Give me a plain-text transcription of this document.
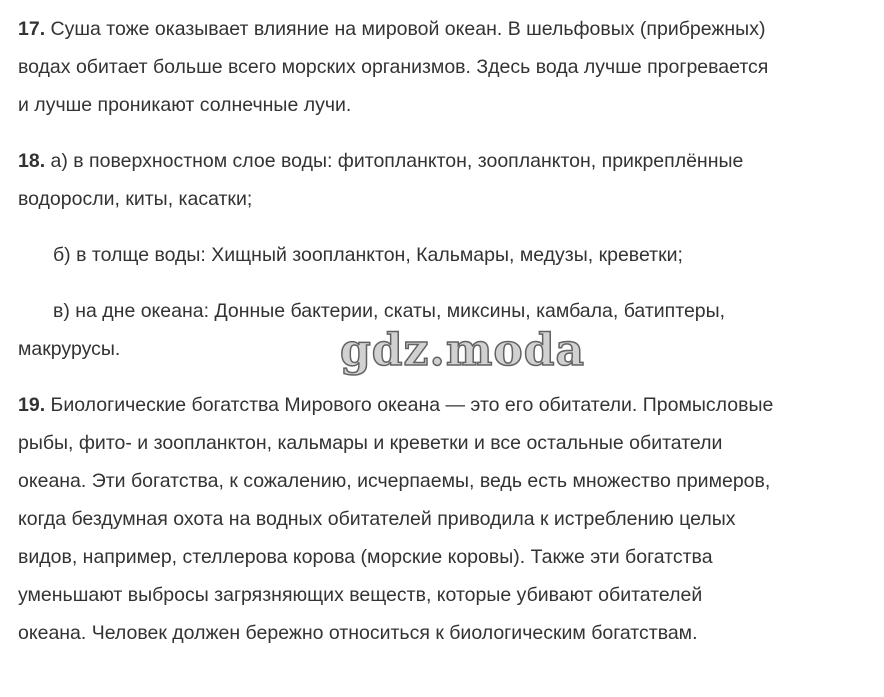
17. Суша тоже оказывает влияние на мировой океан. В шельфовых (прибрежных)
водах обитает больше всего морских организмов. Здесь вода лучше прогревается
и лучше проникают солнечные лучи.
18. а) в поверхностном слое воды: фитопланктон, зоопланктон, прикреплённые
водоросли, киты, касатки;
б) в толще воды: Хищный зоопланктон, Кальмары, медузы, креветки;
в) на дне океана: Донные бактерии, скаты, миксины, камбала, батиптеры,
макрурусы.
19. Биологические богатства Мирового океана — это его обитатели. Промысловые
рыбы, фито- и зоопланктон, кальмары и креветки и все остальные обитатели
океана. Эти богатства, к сожалению, исчерпаемы, ведь есть множество примеров,
когда бездумная охота на водных обитателей приводила к истреблению целых
видов, например, стеллерова корова (морские коровы). Также эти богатства
уменьшают выбросы загрязняющих веществ, которые убивают обитателей
океана. Человек должен бережно относиться к биологическим богатствам.
gdz.moda
